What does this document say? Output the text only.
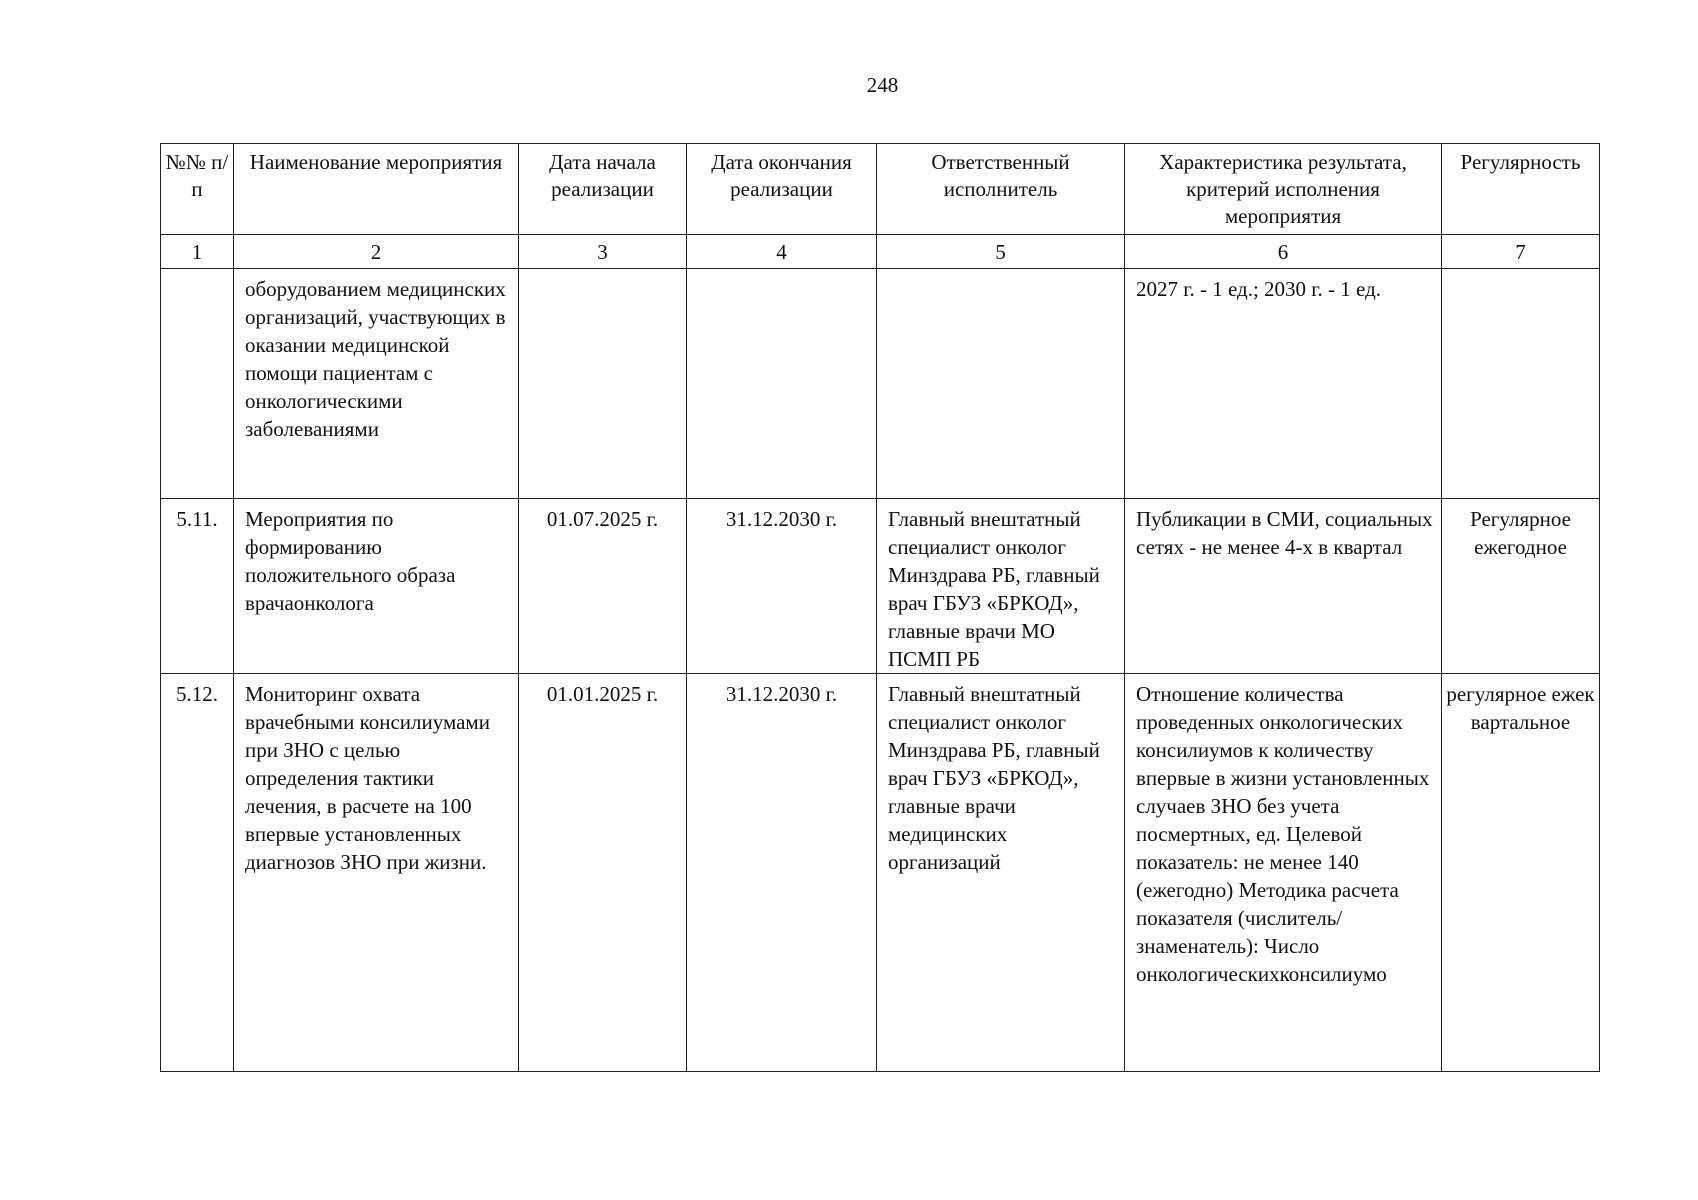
248
№№ п/п	Наименование мероприятия	Дата начала реализации	Дата окончания реализации	Ответственный исполнитель	Характеристика результата, критерий исполнения мероприятия	Регулярность
1	2	3	4	5	6	7
	оборудованием медицинских организаций, участвующих в оказании медицинской помощи пациентам с онкологическими заболеваниями				2027 г. - 1 ед.; 2030 г. - 1 ед.	
5.11.	Мероприятия по формированию положительного образа врачаонколога	01.07.2025 г.	31.12.2030 г.	Главный внештатный специалист онколог Минздрава РБ, главный врач ГБУЗ «БРКОД», главные врачи МО ПСМП РБ	Публикации в СМИ, социальных сетях - не менее 4-х в квартал	Регулярное ежегодное
5.12.	Мониторинг охвата врачебными консилиумами при ЗНО с целью определения тактики лечения, в расчете на 100 впервые установленных диагнозов ЗНО при жизни.	01.01.2025 г.	31.12.2030 г.	Главный внештатный специалист онколог Минздрава РБ, главный врач ГБУЗ «БРКОД», главные врачи медицинских организаций	Отношение количества проведенных онкологических консилиумов к количеству впервые в жизни установленных случаев ЗНО без учета посмертных, ед. Целевой показатель: не менее 140 (ежегодно) Методика расчета показателя (числитель/знаменатель): Число онкологическихконсилиумо	регулярное ежеквартальное
